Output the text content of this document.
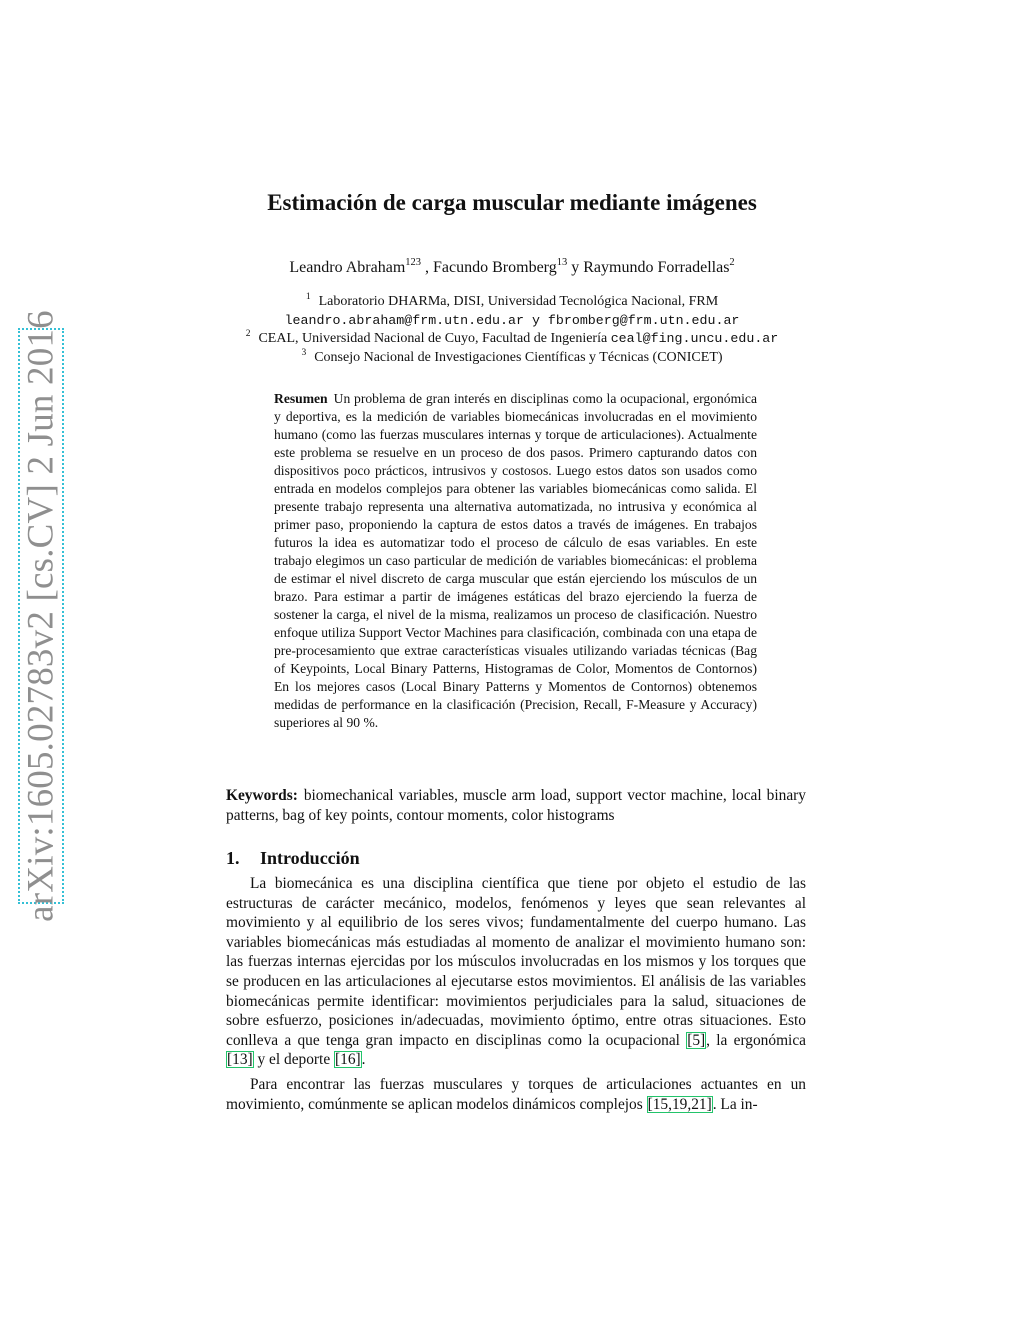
arXiv:1605.02783v2 [cs.CV] 2 Jun 2016
Estimación de carga muscular mediante imágenes
Leandro Abraham$^{123}$ , Facundo Bromberg$^{13}$ y Raymundo Forradellas$^2$
$^1$ Laboratorio DHARMa, DISI, Universidad Tecnológica Nacional, FRM
leandro.abraham@frm.utn.edu.ar y fbromberg@frm.utn.edu.ar
$^2$ CEAL, Universidad Nacional de Cuyo, Facultad de Ingeniería ceal@fing.uncu.edu.ar
$^3$ Consejo Nacional de Investigaciones Científicas y Técnicas (CONICET)
Resumen Un problema de gran interés en disciplinas como la ocupacional, ergonómica y deportiva, es la medición de variables biomecánicas involucradas en el movimiento humano (como las fuerzas musculares internas y torque de articulaciones). Actualmente este problema se resuelve en un proceso de dos pasos. Primero capturando datos con dispositivos poco prácticos, intrusivos y costosos. Luego estos datos son usados como entrada en modelos complejos para obtener las variables biomecánicas como salida. El presente trabajo representa una alternativa automatizada, no intrusiva y económica al primer paso, proponiendo la captura de estos datos a través de imágenes. En trabajos futuros la idea es automatizar todo el proceso de cálculo de esas variables. En este trabajo elegimos un caso particular de medición de variables biomecánicas: el problema de estimar el nivel discreto de carga muscular que están ejerciendo los músculos de un brazo. Para estimar a partir de imágenes estáticas del brazo ejerciendo la fuerza de sostener la carga, el nivel de la misma, realizamos un proceso de clasificación. Nuestro enfoque utiliza Support Vector Machines para clasificación, combinada con una etapa de pre-procesamiento que extrae características visuales utilizando variadas técnicas (Bag of Keypoints, Local Binary Patterns, Histogramas de Color, Momentos de Contornos) En los mejores casos (Local Binary Patterns y Momentos de Contornos) obtenemos medidas de performance en la clasificación (Precision, Recall, F-Measure y Accuracy) superiores al 90 %.
Keywords: biomechanical variables, muscle arm load, support vector machine, local binary patterns, bag of key points, contour moments, color histograms
1. Introducción
La biomecánica es una disciplina científica que tiene por objeto el estudio de las estructuras de carácter mecánico, modelos, fenómenos y leyes que sean relevantes al movimiento y al equilibrio de los seres vivos; fundamentalmente del cuerpo humano. Las variables biomecánicas más estudiadas al momento de analizar el movimiento humano son: las fuerzas internas ejercidas por los músculos involucradas en los mismos y los torques que se producen en las articulaciones al ejecutarse estos movimientos. El análisis de las variables biomecánicas permite identificar: movimientos perjudiciales para la salud, situaciones de sobre esfuerzo, posiciones in/adecuadas, movimiento óptimo, entre otras situaciones. Esto conlleva a que tenga gran impacto en disciplinas como la ocupacional [5], la ergonómica [13] y el deporte [16].
Para encontrar las fuerzas musculares y torques de articulaciones actuantes en un movimiento, comúnmente se aplican modelos dinámicos complejos [15,19,21]. La in-
